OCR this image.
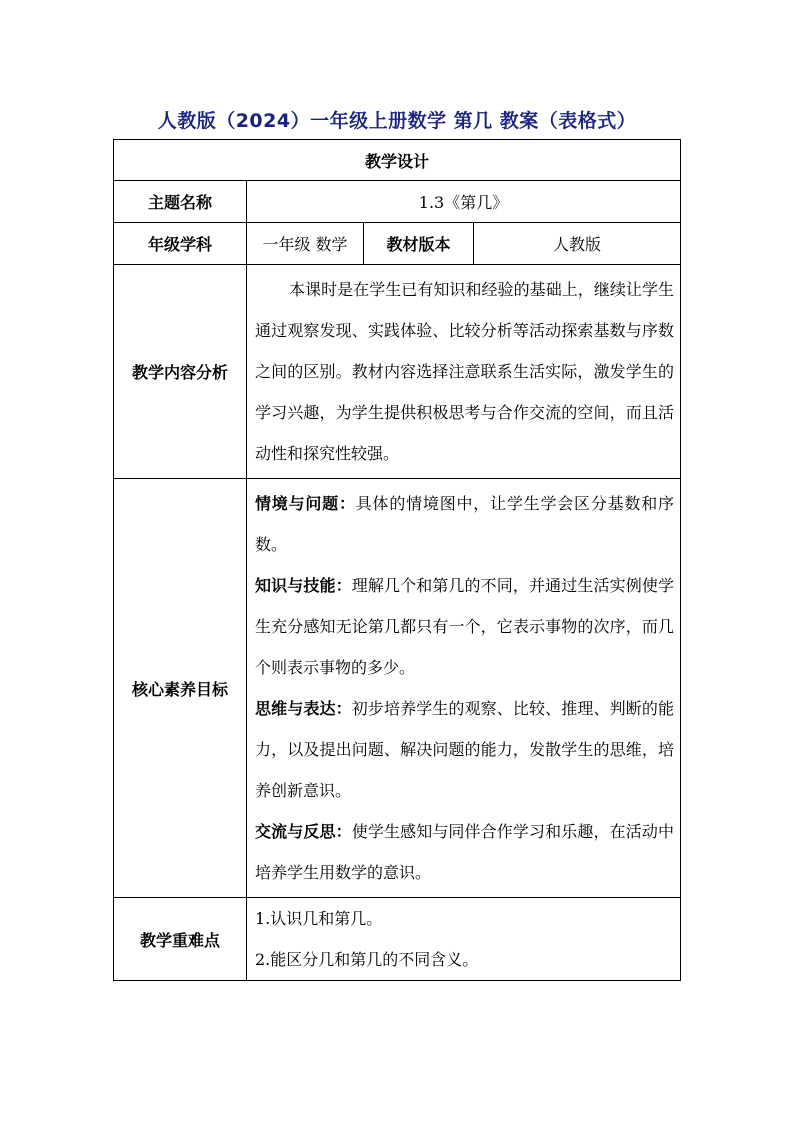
人教版（2024）一年级上册数学 第几 教案（表格式）
教学设计			
主题名称	1.3《第几》		
年级学科	一年级 数学	教材版本	人教版
教学内容分析	本课时是在学生已有知识和经验的基础上，继续让学生通过观察发现、实践体验、比较分析等活动探索基数与序数之间的区别。教材内容选择注意联系生活实际，激发学生的学习兴趣，为学生提供积极思考与合作交流的空间，而且活动性和探究性较强。		
核心素养目标	情境与问题：具体的情境图中，让学生学会区分基数和序数。

知识与技能：理解几个和第几的不同，并通过生活实例使学生充分感知无论第几都只有一个，它表示事物的次序，而几个则表示事物的多少。

思维与表达：初步培养学生的观察、比较、推理、判断的能力，以及提出问题、解决问题的能力，发散学生的思维，培养创新意识。

交流与反思：使学生感知与同伴合作学习和乐趣，在活动中培养学生用数学的意识。		

教学重难点	1.认识几和第几。
2.能区分几和第几的不同含义。		
